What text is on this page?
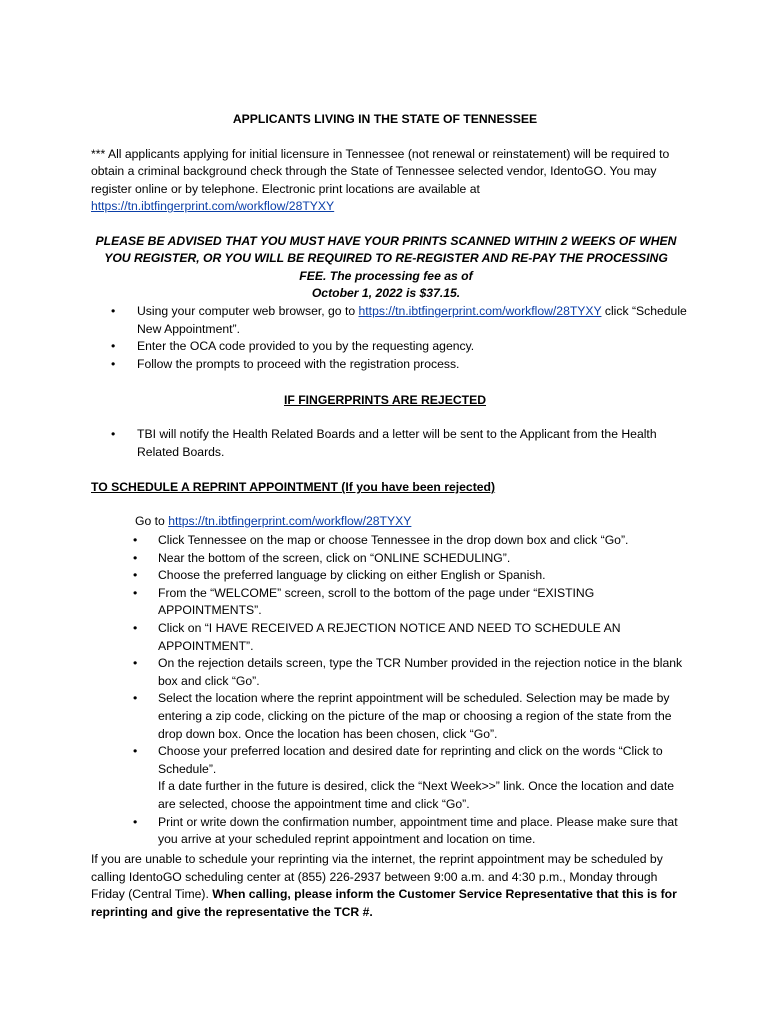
APPLICANTS LIVING IN THE STATE OF TENNESSEE
*** All applicants applying for initial licensure in Tennessee (not renewal or reinstatement) will be required to obtain a criminal background check through the State of Tennessee selected vendor, IdentoGO. You may register online or by telephone. Electronic print locations are available at
https://tn.ibtfingerprint.com/workflow/28TYXY
PLEASE BE ADVISED THAT YOU MUST HAVE YOUR PRINTS SCANNED WITHIN 2 WEEKS OF WHEN YOU REGISTER, OR YOU WILL BE REQUIRED TO RE-REGISTER AND RE-PAY THE PROCESSING FEE. The processing fee as of
October 1, 2022 is $37.15.
• Using your computer web browser, go to https://tn.ibtfingerprint.com/workflow/28TYXY click “Schedule New Appointment”.
• Enter the OCA code provided to you by the requesting agency.
• Follow the prompts to proceed with the registration process.
IF FINGERPRINTS ARE REJECTED
• TBI will notify the Health Related Boards and a letter will be sent to the Applicant from the Health Related Boards.
TO SCHEDULE A REPRINT APPOINTMENT (If you have been rejected)
Go to https://tn.ibtfingerprint.com/workflow/28TYXY
• Click Tennessee on the map or choose Tennessee in the drop down box and click “Go”.
• Near the bottom of the screen, click on “ONLINE SCHEDULING”.
• Choose the preferred language by clicking on either English or Spanish.
• From the “WELCOME” screen, scroll to the bottom of the page under “EXISTING APPOINTMENTS”.
• Click on “I HAVE RECEIVED A REJECTION NOTICE AND NEED TO SCHEDULE AN APPOINTMENT”.
• On the rejection details screen, type the TCR Number provided in the rejection notice in the blank box and click “Go”.
• Select the location where the reprint appointment will be scheduled. Selection may be made by entering a zip code, clicking on the picture of the map or choosing a region of the state from the drop down box. Once the location has been chosen, click “Go”.
• Choose your preferred location and desired date for reprinting and click on the words “Click to Schedule”.
If a date further in the future is desired, click the “Next Week>>” link. Once the location and date are selected, choose the appointment time and click “Go”.
• Print or write down the confirmation number, appointment time and place. Please make sure that you arrive at your scheduled reprint appointment and location on time.
If you are unable to schedule your reprinting via the internet, the reprint appointment may be scheduled by calling IdentoGO scheduling center at (855) 226-2937 between 9:00 a.m. and 4:30 p.m., Monday through Friday (Central Time). When calling, please inform the Customer Service Representative that this is for reprinting and give the representative the TCR #.
